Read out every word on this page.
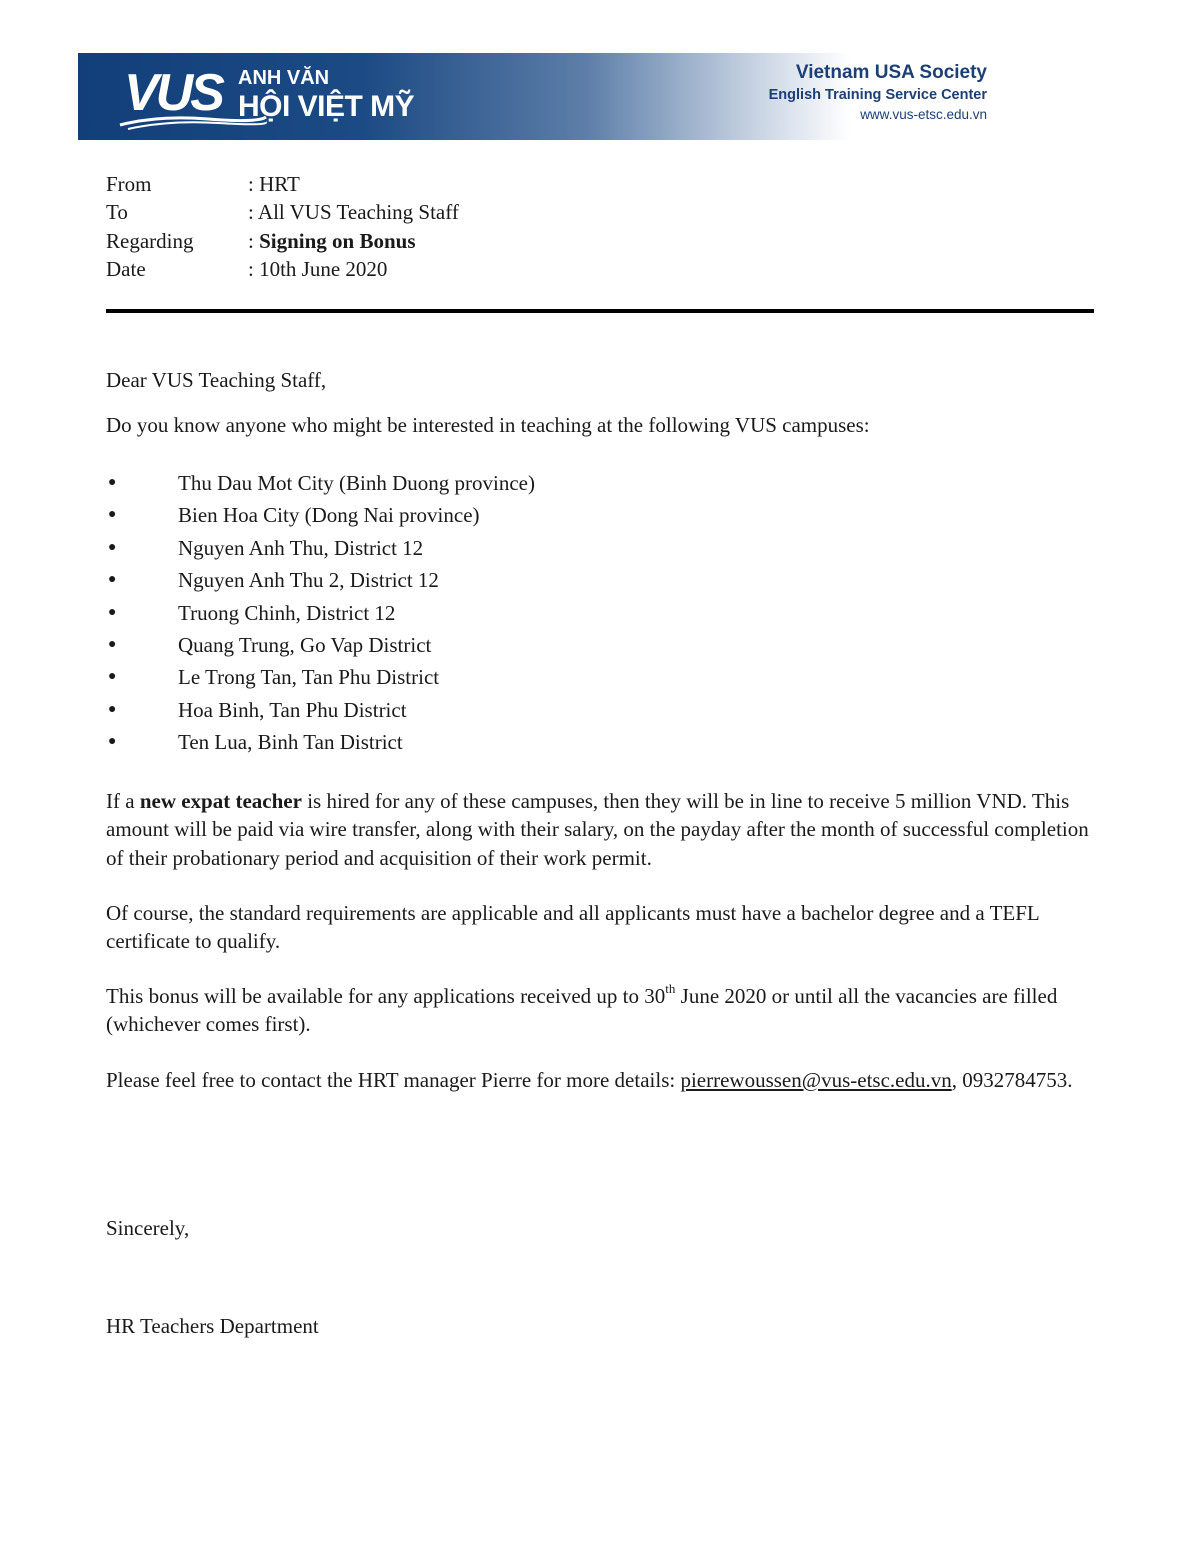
VUS ANH VĂN
HỘI VIỆT MỸ
Vietnam USA Society
English Training Service Center
www.vus-etsc.edu.vn
From	: HRT
To	: All VUS Teaching Staff
Regarding	: Signing on Bonus
Date	: 10th June 2020

Dear VUS Teaching Staff,

Do you know anyone who might be interested in teaching at the following VUS campuses:

●	Thu Dau Mot City (Binh Duong province)
●	Bien Hoa City (Dong Nai province)
●	Nguyen Anh Thu, District 12
●	Nguyen Anh Thu 2, District 12
●	Truong Chinh, District 12
●	Quang Trung, Go Vap District
●	Le Trong Tan, Tan Phu District
●	Hoa Binh, Tan Phu District
●	Ten Lua, Binh Tan District

If a new expat teacher is hired for any of these campuses, then they will be in line to receive 5 million VND. This amount will be paid via wire transfer, along with their salary, on the payday after the month of successful completion of their probationary period and acquisition of their work permit.

Of course, the standard requirements are applicable and all applicants must have a bachelor degree and a TEFL certificate to qualify.

This bonus will be available for any applications received up to 30th June 2020 or until all the vacancies are filled (whichever comes first).

Please feel free to contact the HRT manager Pierre for more details: pierrewoussen@vus-etsc.edu.vn, 0932784753.

Sincerely,

HR Teachers Department
